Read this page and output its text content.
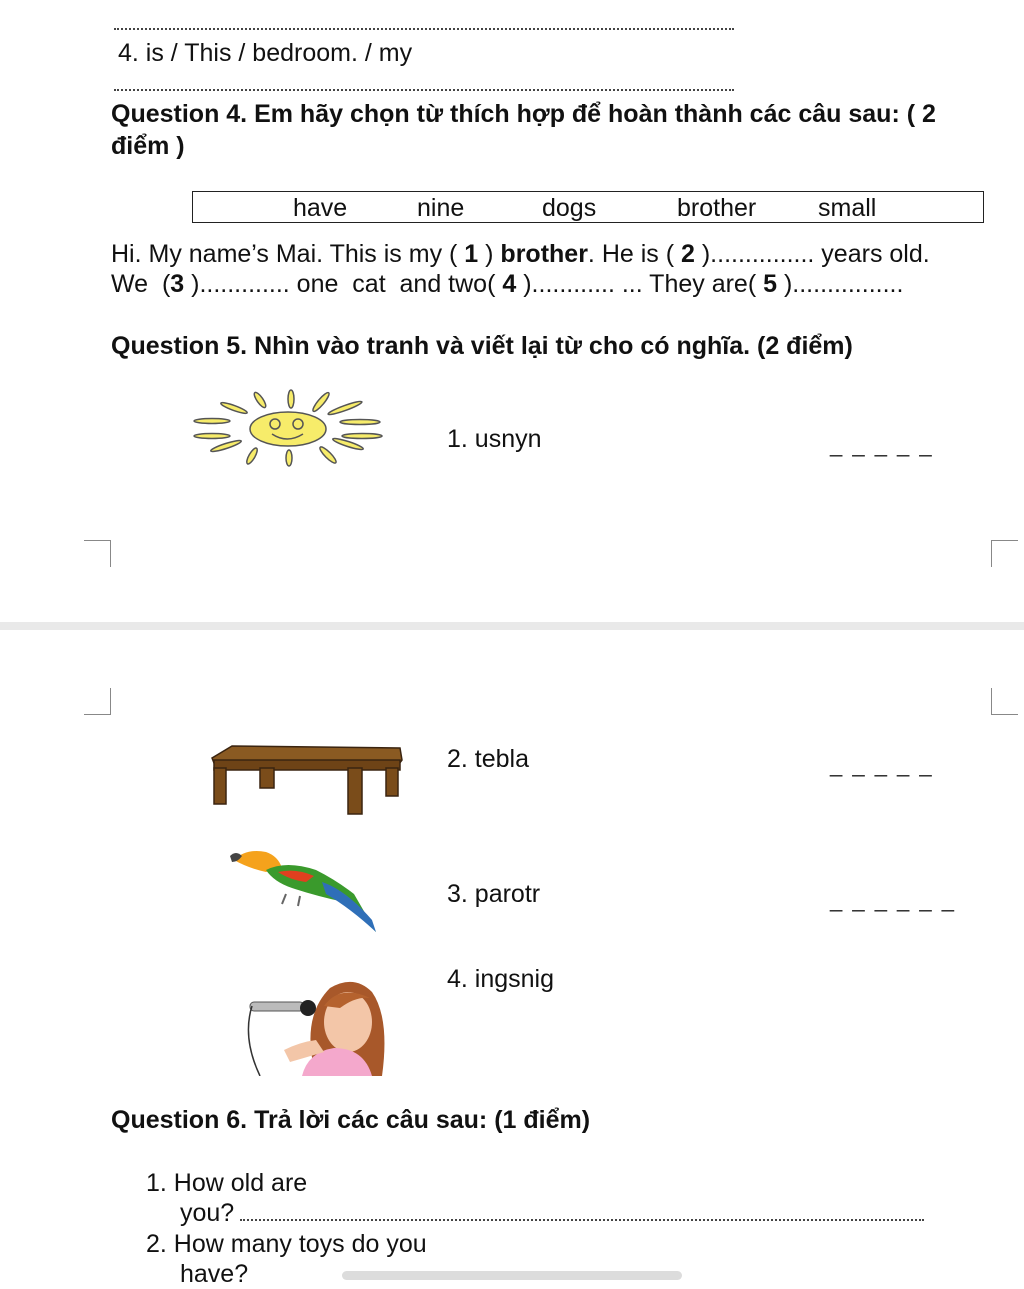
4. is / This / bedroom. / my
Question 4. Em hãy chọn từ thích hợp để hoàn thành các câu sau: ( 2
điểm )
have	nine	dogs	brother small
Hi. My name’s Mai. This is my ( 1 ) brother. He is ( 2 )............... years old.
We  (3 )............. one  cat  and two( 4 )............ ... They are( 5 )................
Question 5. Nhìn vào tranh và viết lại từ cho có nghĩa. (2 điểm)
1. usnyn	_ _ _ _ _
2. tebla	_ _ _ _ _
3. parotr	_ _ _ _ _ _
4. ingsnig
Question 6. Trả lời các câu sau: (1 điểm)
1. How old are
you?
2. How many toys do you
have?
